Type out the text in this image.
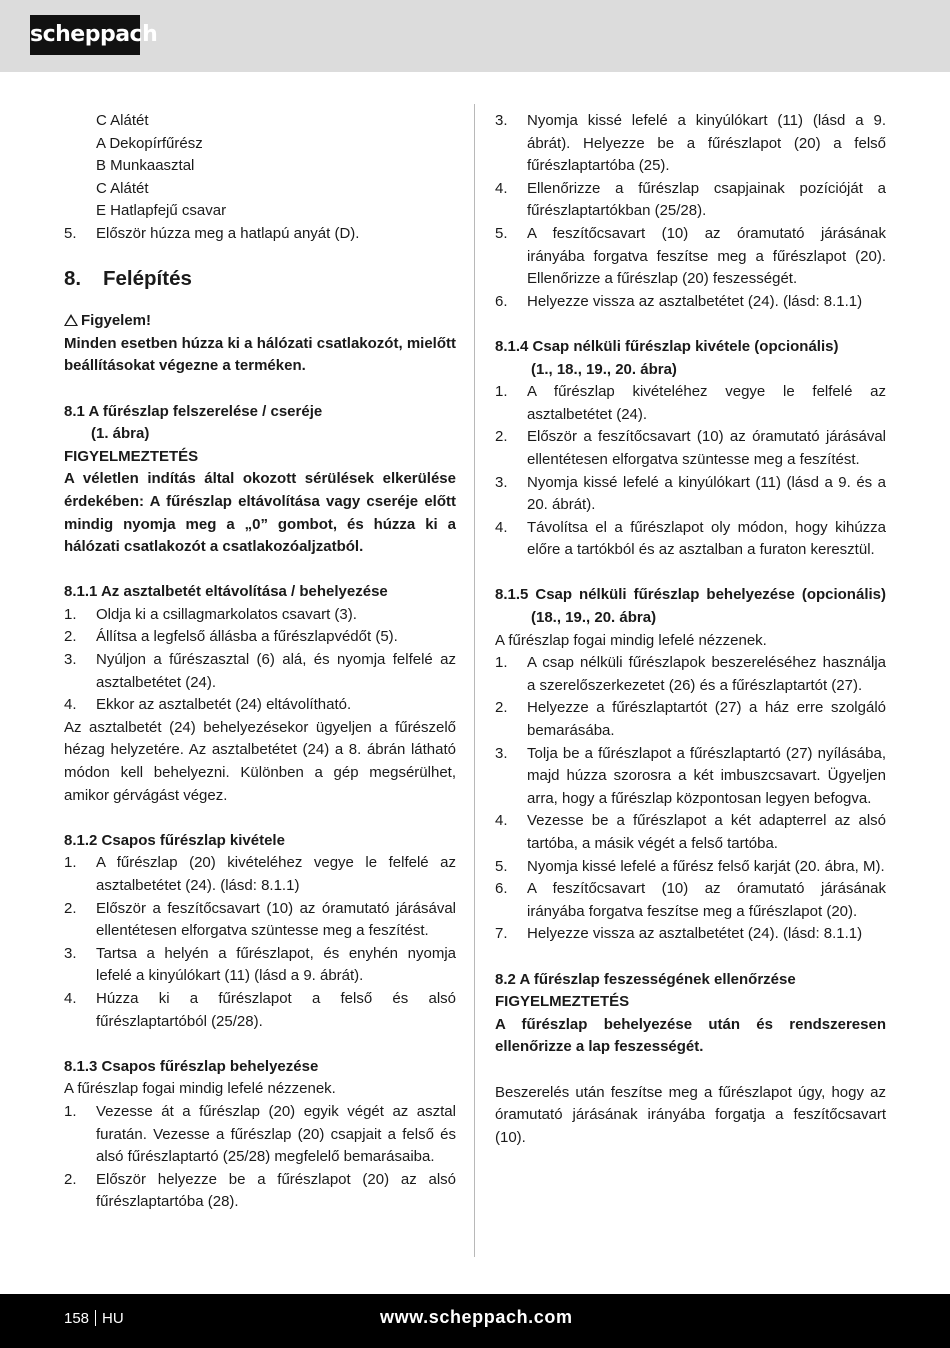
scheppach
C Alátét
A Dekopírfűrész
B Munkaasztal
C Alátét
E Hatlapfejű csavar
5. Először húzza meg a hatlapú anyát (D).
8. Felépítés
Figyelem!
Minden esetben húzza ki a hálózati csatlakozót, mielőtt beállításokat végezne a terméken.
8.1 A fűrészlap felszerelése / cseréje
(1. ábra)
FIGYELMEZTETÉS
A véletlen indítás által okozott sérülések elkerülése érdekében: A fűrészlap eltávolítása vagy cseréje előtt mindig nyomja meg a „0” gombot, és húzza ki a hálózati csatlakozót a csatlakozóaljzatból.
8.1.1 Az asztalbetét eltávolítása / behelyezése
1. Oldja ki a csillagmarkolatos csavart (3).
2. Állítsa a legfelső állásba a fűrészlapvédőt (5).
3. Nyúljon a fűrészasztal (6) alá, és nyomja felfelé az asztalbetétet (24).
4. Ekkor az asztalbetét (24) eltávolítható.
Az asztalbetét (24) behelyezésekor ügyeljen a fűrészelő hézag helyzetére. Az asztalbetétet (24) a 8. ábrán látható módon kell behelyezni. Különben a gép megsérülhet, amikor gérvágást végez.
8.1.2 Csapos fűrészlap kivétele
1. A fűrészlap (20) kivételéhez vegye le felfelé az asztalbetétet (24). (lásd: 8.1.1)
2. Először a feszítőcsavart (10) az óramutató járásával ellentétesen elforgatva szüntesse meg a feszítést.
3. Tartsa a helyén a fűrészlapot, és enyhén nyomja lefelé a kinyúlókart (11) (lásd a 9. ábrát).
4. Húzza ki a fűrészlapot a felső és alsó fűrészlaptartóból (25/28).
8.1.3 Csapos fűrészlap behelyezése
A fűrészlap fogai mindig lefelé nézzenek.
1. Vezesse át a fűrészlap (20) egyik végét az asztal furatán. Vezesse a fűrészlap (20) csapjait a felső és alsó fűrészlaptartó (25/28) megfelelő bemarásaiba.
2. Először helyezze be a fűrészlapot (20) az alsó fűrészlaptartóba (28).
3. Nyomja kissé lefelé a kinyúlókart (11) (lásd a 9. ábrát). Helyezze be a fűrészlapot (20) a felső fűrészlaptartóba (25).
4. Ellenőrizze a fűrészlap csapjainak pozícióját a fűrészlaptartókban (25/28).
5. A feszítőcsavart (10) az óramutató járásának irányába forgatva feszítse meg a fűrészlapot (20). Ellenőrizze a fűrészlap (20) feszességét.
6. Helyezze vissza az asztalbetétet (24). (lásd: 8.1.1)
8.1.4 Csap nélküli fűrészlap kivétele (opcionális)
(1., 18., 19., 20. ábra)
1. A fűrészlap kivételéhez vegye le felfelé az asztalbetétet (24).
2. Először a feszítőcsavart (10) az óramutató járásával ellentétesen elforgatva szüntesse meg a feszítést.
3. Nyomja kissé lefelé a kinyúlókart (11) (lásd a 9. és a 20. ábrát).
4. Távolítsa el a fűrészlapot oly módon, hogy kihúzza előre a tartókból és az asztalban a furaton keresztül.
8.1.5 Csap nélküli fűrészlap behelyezése (opcionális) (18., 19., 20. ábra)
A fűrészlap fogai mindig lefelé nézzenek.
1. A csap nélküli fűrészlapok beszereléséhez használja a szerelőszerkezetet (26) és a fűrészlaptartót (27).
2. Helyezze a fűrészlaptartót (27) a ház erre szolgáló bemarásába.
3. Tolja be a fűrészlapot a fűrészlaptartó (27) nyílásába, majd húzza szorosra a két imbuszcsavart. Ügyeljen arra, hogy a fűrészlap központosan legyen befogva.
4. Vezesse be a fűrészlapot a két adapterrel az alsó tartóba, a másik végét a felső tartóba.
5. Nyomja kissé lefelé a fűrész felső karját (20. ábra, M).
6. A feszítőcsavart (10) az óramutató járásának irányába forgatva feszítse meg a fűrészlapot (20).
7. Helyezze vissza az asztalbetétet (24). (lásd: 8.1.1)
8.2 A fűrészlap feszességének ellenőrzése
FIGYELMEZTETÉS
A fűrészlap behelyezése után és rendszeresen ellenőrizze a lap feszességét.
Beszerelés után feszítse meg a fűrészlapot úgy, hogy az óramutató járásának irányába forgatja a feszítőcsavart (10).
158 HU	www.scheppach.com
